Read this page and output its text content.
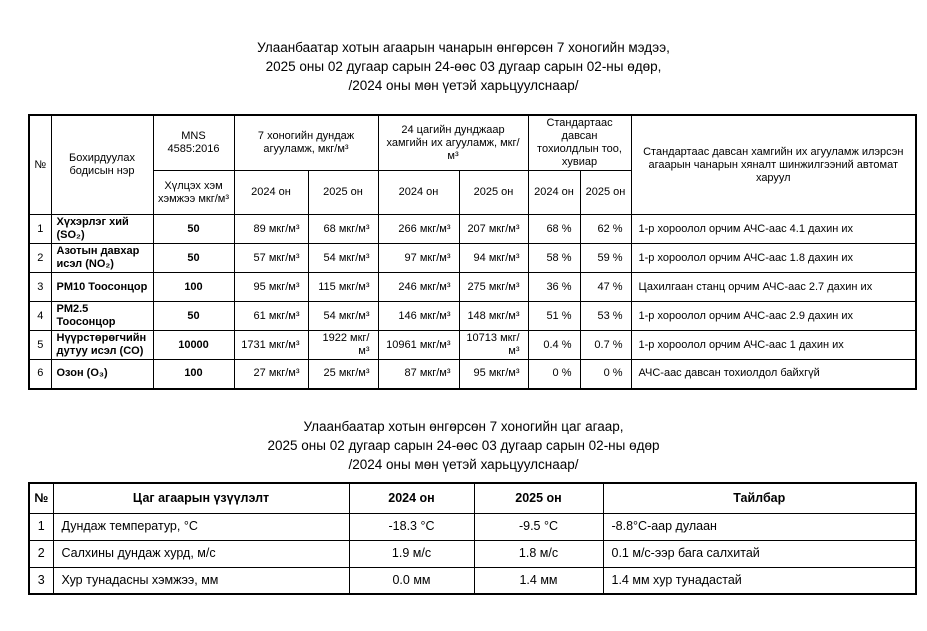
Улаанбаатар хотын агаарын чанарын өнгөрсөн 7 хоногийн мэдээ,
2025 оны 02 дугаар сарын 24-өөс 03 дугаар сарын 02-ны өдөр,
/2024 оны мөн үетэй харьцуулснаар/
№	Бохирдуулах бодисын нэр	MNS 4585:2016	7 хоногийн дундаж агууламж, мкг/м³		24 цагийн дунджаар хамгийн их агууламж, мкг/м³		Стандартаас давсан тохиолдлын тоо, хувиар		Стандартаас давсан хамгийн их агууламж илэрсэн агаарын чанарын хяналт шинжилгээний автомат харуул
		Хүлцэх хэм хэмжээ мкг/м³	2024 он	2025 он	2024 он	2025 он	2024 он	2025 он	
1	Хүхэрлэг хий (SO₂)	50	89 мкг/м³	68 мкг/м³	266 мкг/м³	207 мкг/м³	68 %	62 %	1-р хороолол орчим АЧС-аас 4.1 дахин их
2	Азотын давхар исэл (NO₂)	50	57 мкг/м³	54 мкг/м³	97 мкг/м³	94 мкг/м³	58 %	59 %	1-р хороолол орчим АЧС-аас 1.8 дахин их
3	PM10 Тоосонцор	100	95 мкг/м³	115 мкг/м³	246 мкг/м³	275 мкг/м³	36 %	47 %	Цахилгаан станц орчим АЧС-аас 2.7 дахин их
4	PM2.5 Тоосонцор	50	61 мкг/м³	54 мкг/м³	146 мкг/м³	148 мкг/м³	51 %	53 %	1-р хороолол орчим АЧС-аас 2.9 дахин их
5	Нүүрстөрөгчийн дутуу исэл (CO)	10000	1731 мкг/м³	1922 мкг/м³	10961 мкг/м³	10713 мкг/м³	0.4 %	0.7 %	1-р хороолол орчим АЧС-аас 1 дахин их
6	Озон (O₃)	100	27 мкг/м³	25 мкг/м³	87 мкг/м³	95 мкг/м³	0 %	0 %	АЧС-аас давсан тохиолдол байхгүй
Улаанбаатар хотын өнгөрсөн 7 хоногийн цаг агаар,
2025 оны 02 дугаар сарын 24-өөс 03 дугаар сарын 02-ны өдөр
/2024 оны мөн үетэй харьцуулснаар/
№	Цаг агаарын үзүүлэлт	2024 он	2025 он	Тайлбар
1	Дундаж температур, °С	-18.3 °С	-9.5 °С	-8.8°С-аар дулаан
2	Салхины дундаж хурд, м/с	1.9 м/с	1.8 м/с	0.1 м/с-ээр бага салхитай
3	Хур тунадасны хэмжээ, мм	0.0 мм	1.4 мм	1.4 мм хур тунадастай
